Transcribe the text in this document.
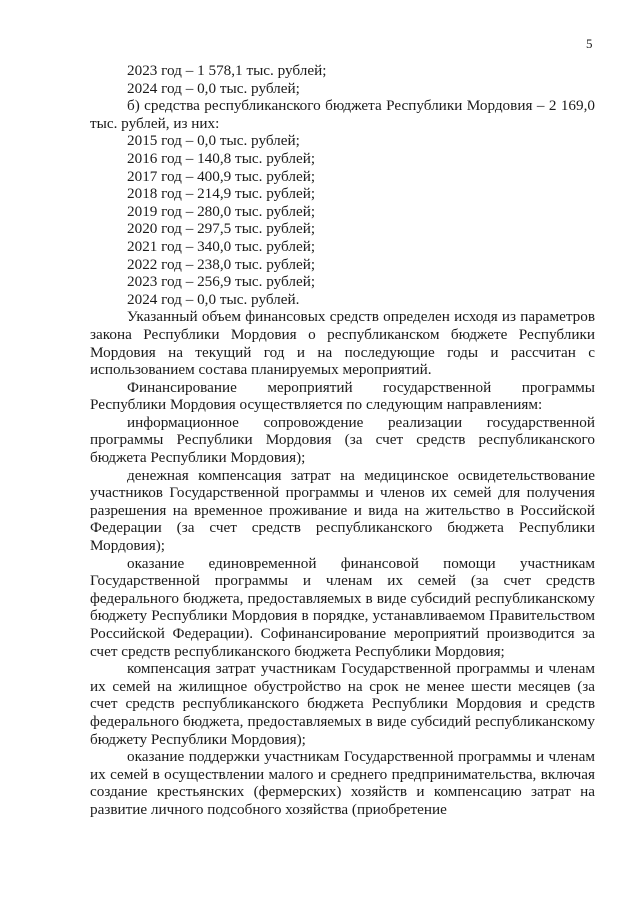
5

2023 год – 1 578,1 тыс. рублей;

2024 год – 0,0 тыс. рублей;

б) средства республиканского бюджета Республики Мордовия – 2 169,0 тыс. рублей, из них:

2015 год – 0,0 тыс. рублей;

2016 год – 140,8 тыс. рублей;

2017 год – 400,9 тыс. рублей;

2018 год – 214,9 тыс. рублей;

2019 год – 280,0 тыс. рублей;

2020 год – 297,5 тыс. рублей;

2021 год – 340,0 тыс. рублей;

2022 год – 238,0 тыс. рублей;

2023 год – 256,9 тыс. рублей;

2024 год – 0,0 тыс. рублей.

Указанный объем финансовых средств определен исходя из параметров закона Республики Мордовия о республиканском бюджете Республики Мордовия на текущий год и на последующие годы и рассчитан с использованием состава планируемых мероприятий.

Финансирование мероприятий государственной программы Республики Мордовия осуществляется по следующим направлениям:

информационное сопровождение реализации государственной программы Республики Мордовия (за счет средств республиканского бюджета Республики Мордовия);

денежная компенсация затрат на медицинское освидетельствование участников Государственной программы и членов их семей для получения разрешения на временное проживание и вида на жительство в Российской Федерации (за счет средств республиканского бюджета Республики Мордовия);

оказание единовременной финансовой помощи участникам Государственной программы и членам их семей (за счет средств федерального бюджета, предоставляемых в виде субсидий республиканскому бюджету Республики Мордовия в порядке, устанавливаемом Правительством Российской Федерации). Софинансирование мероприятий производится за счет средств республиканского бюджета Республики Мордовия;

компенсация затрат участникам Государственной программы и членам их семей на жилищное обустройство на срок не менее шести месяцев (за счет средств республиканского бюджета Республики Мордовия и средств федерального бюджета, предоставляемых в виде субсидий республиканскому бюджету Республики Мордовия);

оказание поддержки участникам Государственной программы и членам их семей в осуществлении малого и среднего предпринимательства, включая создание крестьянских (фермерских) хозяйств и компенсацию затрат на развитие личного подсобного хозяйства (приобретение
